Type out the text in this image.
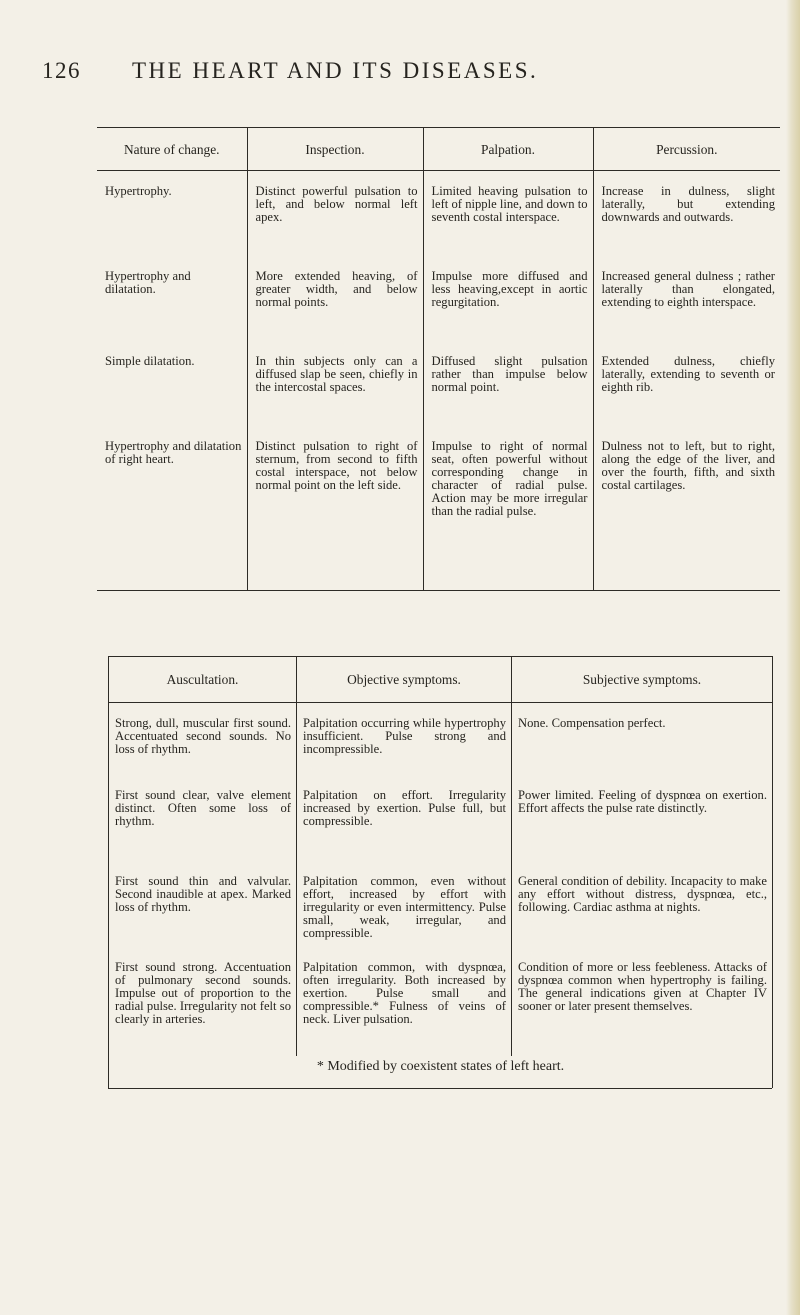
126 THE HEART AND ITS DISEASES.
Nature of change.	Inspection.	Palpation.	Percussion.
Hypertrophy.	Distinct powerful pulsation to left, and below normal left apex.	Limited heaving pulsation to left of nipple line, and down to seventh costal interspace.	Increase in dulness, slight laterally, but extending downwards and outwards.
Hypertrophy and dilatation.	More extended heaving, of greater width, and below normal points.	Impulse more diffused and less heaving,except in aortic regurgitation.	Increased general dulness ; rather laterally than elongated, extending to eighth interspace.
Simple dilatation.	In thin subjects only can a diffused slap be seen, chiefly in the intercostal spaces.	Diffused slight pulsation rather than impulse below normal point.	Extended dulness, chiefly laterally, extending to seventh or eighth rib.
Hypertrophy and dilatation of right heart.	Distinct pulsation to right of sternum, from second to fifth costal interspace, not below normal point on the left side.	Impulse to right of normal seat, often powerful without corresponding change in character of radial pulse. Action may be more irregular than the radial pulse.	Dulness not to left, but to right, along the edge of the liver, and over the fourth, fifth, and sixth costal cartilages.
Auscultation.	Objective symptoms.	Subjective symptoms.
Strong, dull, muscular first sound. Accentuated second sounds. No loss of rhythm.	Palpitation occurring while hypertrophy insufficient. Pulse strong and incompressible.	None. Compensation perfect.
First sound clear, valve element distinct. Often some loss of rhythm.	Palpitation on effort. Irregularity increased by exertion. Pulse full, but compressible.	Power limited. Feeling of dyspnœa on exertion. Effort affects the pulse rate distinctly.
First sound thin and valvular. Second inaudible at apex. Marked loss of rhythm.	Palpitation common, even without effort, increased by effort with irregularity or even intermittency. Pulse small, weak, irregular, and compressible.	General condition of debility. Incapacity to make any effort without distress, dyspnœa, etc., following. Cardiac asthma at nights.
First sound strong. Accentuation of pulmonary second sounds. Impulse out of proportion to the radial pulse. Irregularity not felt so clearly in arteries.	Palpitation common, with dyspnœa, often irregularity. Both increased by exertion. Pulse small and compressible.* Fulness of veins of neck. Liver pulsation.	Condition of more or less feebleness. Attacks of dyspnœa common when hypertrophy is failing. The general indications given at Chapter IV sooner or later present themselves.
* Modified by coexistent states of left heart.		
